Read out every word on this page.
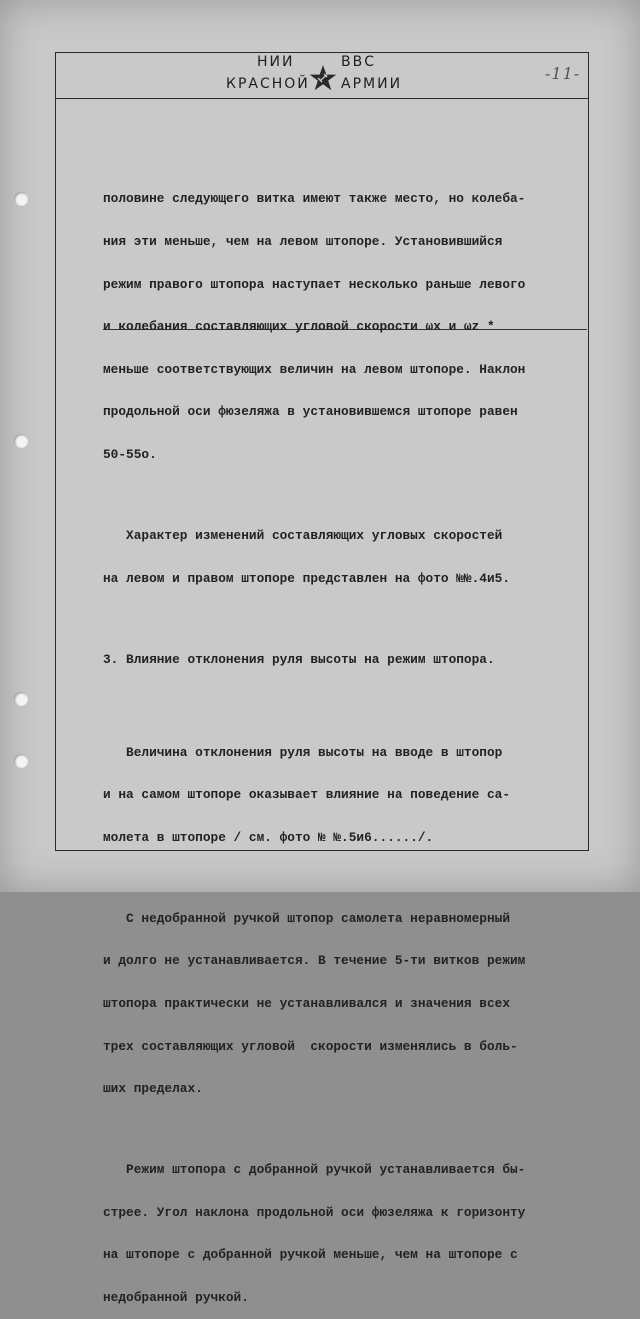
НИИ	ВВС
КРАСНОЙ АРМИИ
-11-

половине следующего витка имеют также место, но колеба-

ния эти меньше, чем на левом штопоре. Установившийся

режим правого штопора наступает несколько раньше левого

и колебания составляющих угловой скорости ωx и ωz *

меньше соответствующих величин на левом штопоре. Наклон

продольной оси фюзеляжа в установившемся штопоре равен

50-55о.

Характер изменений составляющих угловых скоростей

на левом и правом штопоре представлен на фото №№.4и5.

3. Влияние отклонения руля высоты на режим штопора.

Величина отклонения руля высоты на вводе в штопор

и на самом штопоре оказывает влияние на поведение са-

молета в штопоре / см. фото № №.5и6....../.

С недобранной ручкой штопор самолета неравномерный

и долго не устанавливается. В течение 5-ти витков режим

штопора практически не устанавливался и значения всех

трех составляющих угловой  скорости изменялись в боль-

ших пределах.

Режим штопора с добранной ручкой устанавливается бы-

стрее. Угол наклона продольной оси фюзеляжа к горизонту

на штопоре с добранной ручкой меньше, чем на штопоре с

недобранной ручкой.
